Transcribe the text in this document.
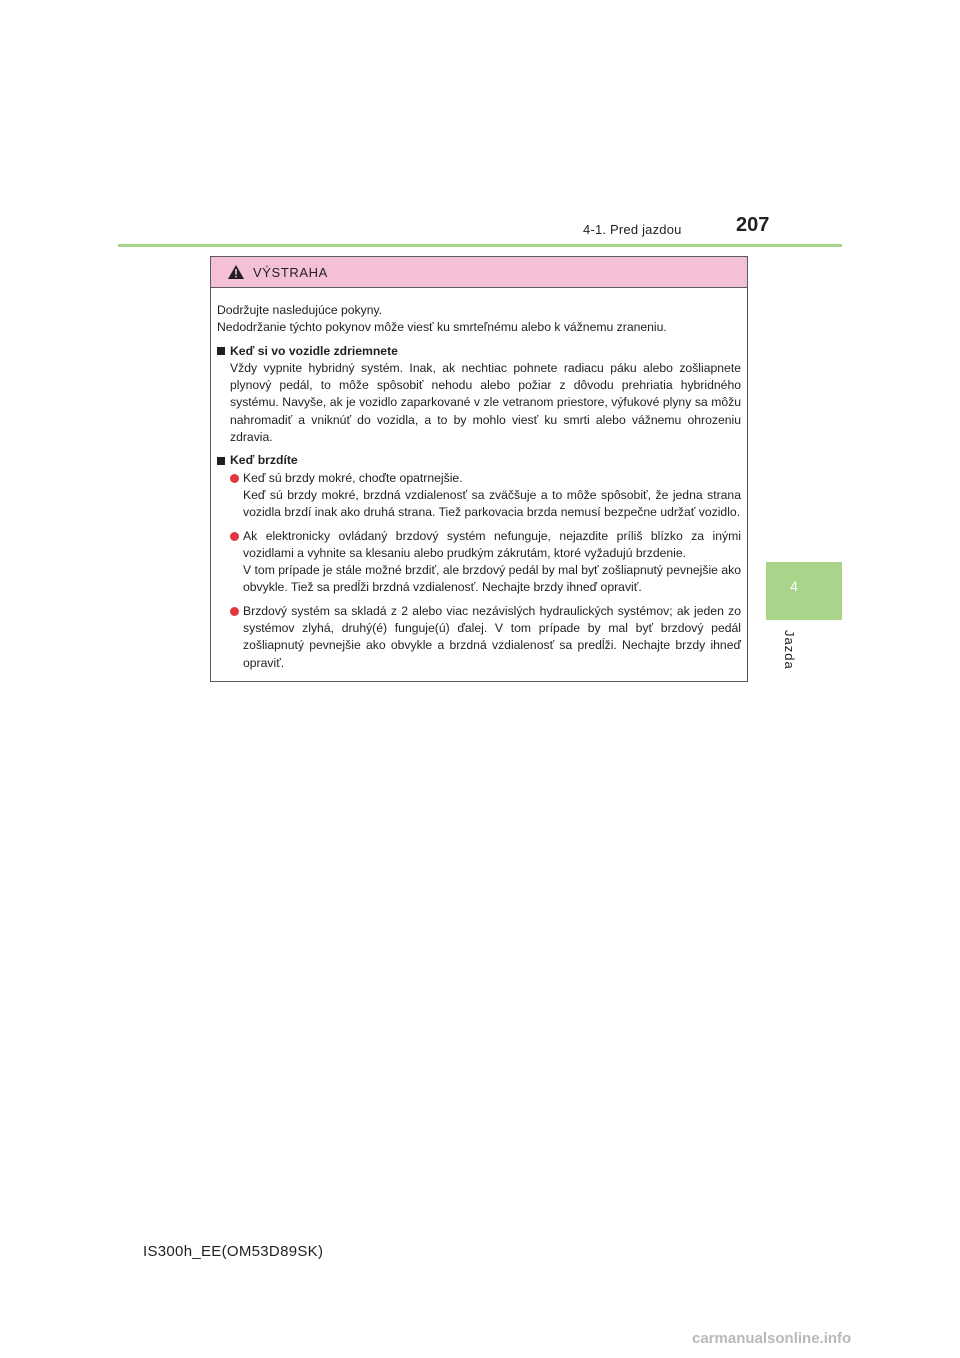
4-1. Pred jazdou	207
4
Jazda
VÝSTRAHA

Dodržujte nasledujúce pokyny.

Nedodržanie týchto pokynov môže viesť ku smrteľnému alebo k vážnemu zraneniu.

Keď si vo vozidle zdriemnete
Vždy vypnite hybridný systém. Inak, ak nechtiac pohnete radiacu páku alebo zošliapnete plynový pedál, to môže spôsobiť nehodu alebo požiar z dôvodu prehriatia hybridného systému. Navyše, ak je vozidlo zaparkované v zle vetranom priestore, výfukové plyny sa môžu nahromadiť a vniknúť do vozidla, a to by mohlo viesť ku smrti alebo vážnemu ohrozeniu zdravia.
Keď brzdíte
Keď sú brzdy mokré, choďte opatrnejšie.
Keď sú brzdy mokré, brzdná vzdialenosť sa zväčšuje a to môže spôsobiť, že jedna strana vozidla brzdí inak ako druhá strana. Tiež parkovacia brzda nemusí bezpečne udržať vozidlo.
Ak elektronicky ovládaný brzdový systém nefunguje, nejazdite príliš blízko za inými vozidlami a vyhnite sa klesaniu alebo prudkým zákrutám, ktoré vyžadujú brzdenie.
V tom prípade je stále možné brzdiť, ale brzdový pedál by mal byť zošliapnutý pevnejšie ako obvykle. Tiež sa predĺži brzdná vzdialenosť. Nechajte brzdy ihneď opraviť.
Brzdový systém sa skladá z 2 alebo viac nezávislých hydraulických systémov; ak jeden zo systémov zlyhá, druhý(é) funguje(ú) ďalej. V tom prípade by mal byť brzdový pedál zošliapnutý pevnejšie ako obvykle a brzdná vzdialenosť sa predĺži. Nechajte brzdy ihneď opraviť.
IS300h_EE(OM53D89SK)
carmanualsonline.info
